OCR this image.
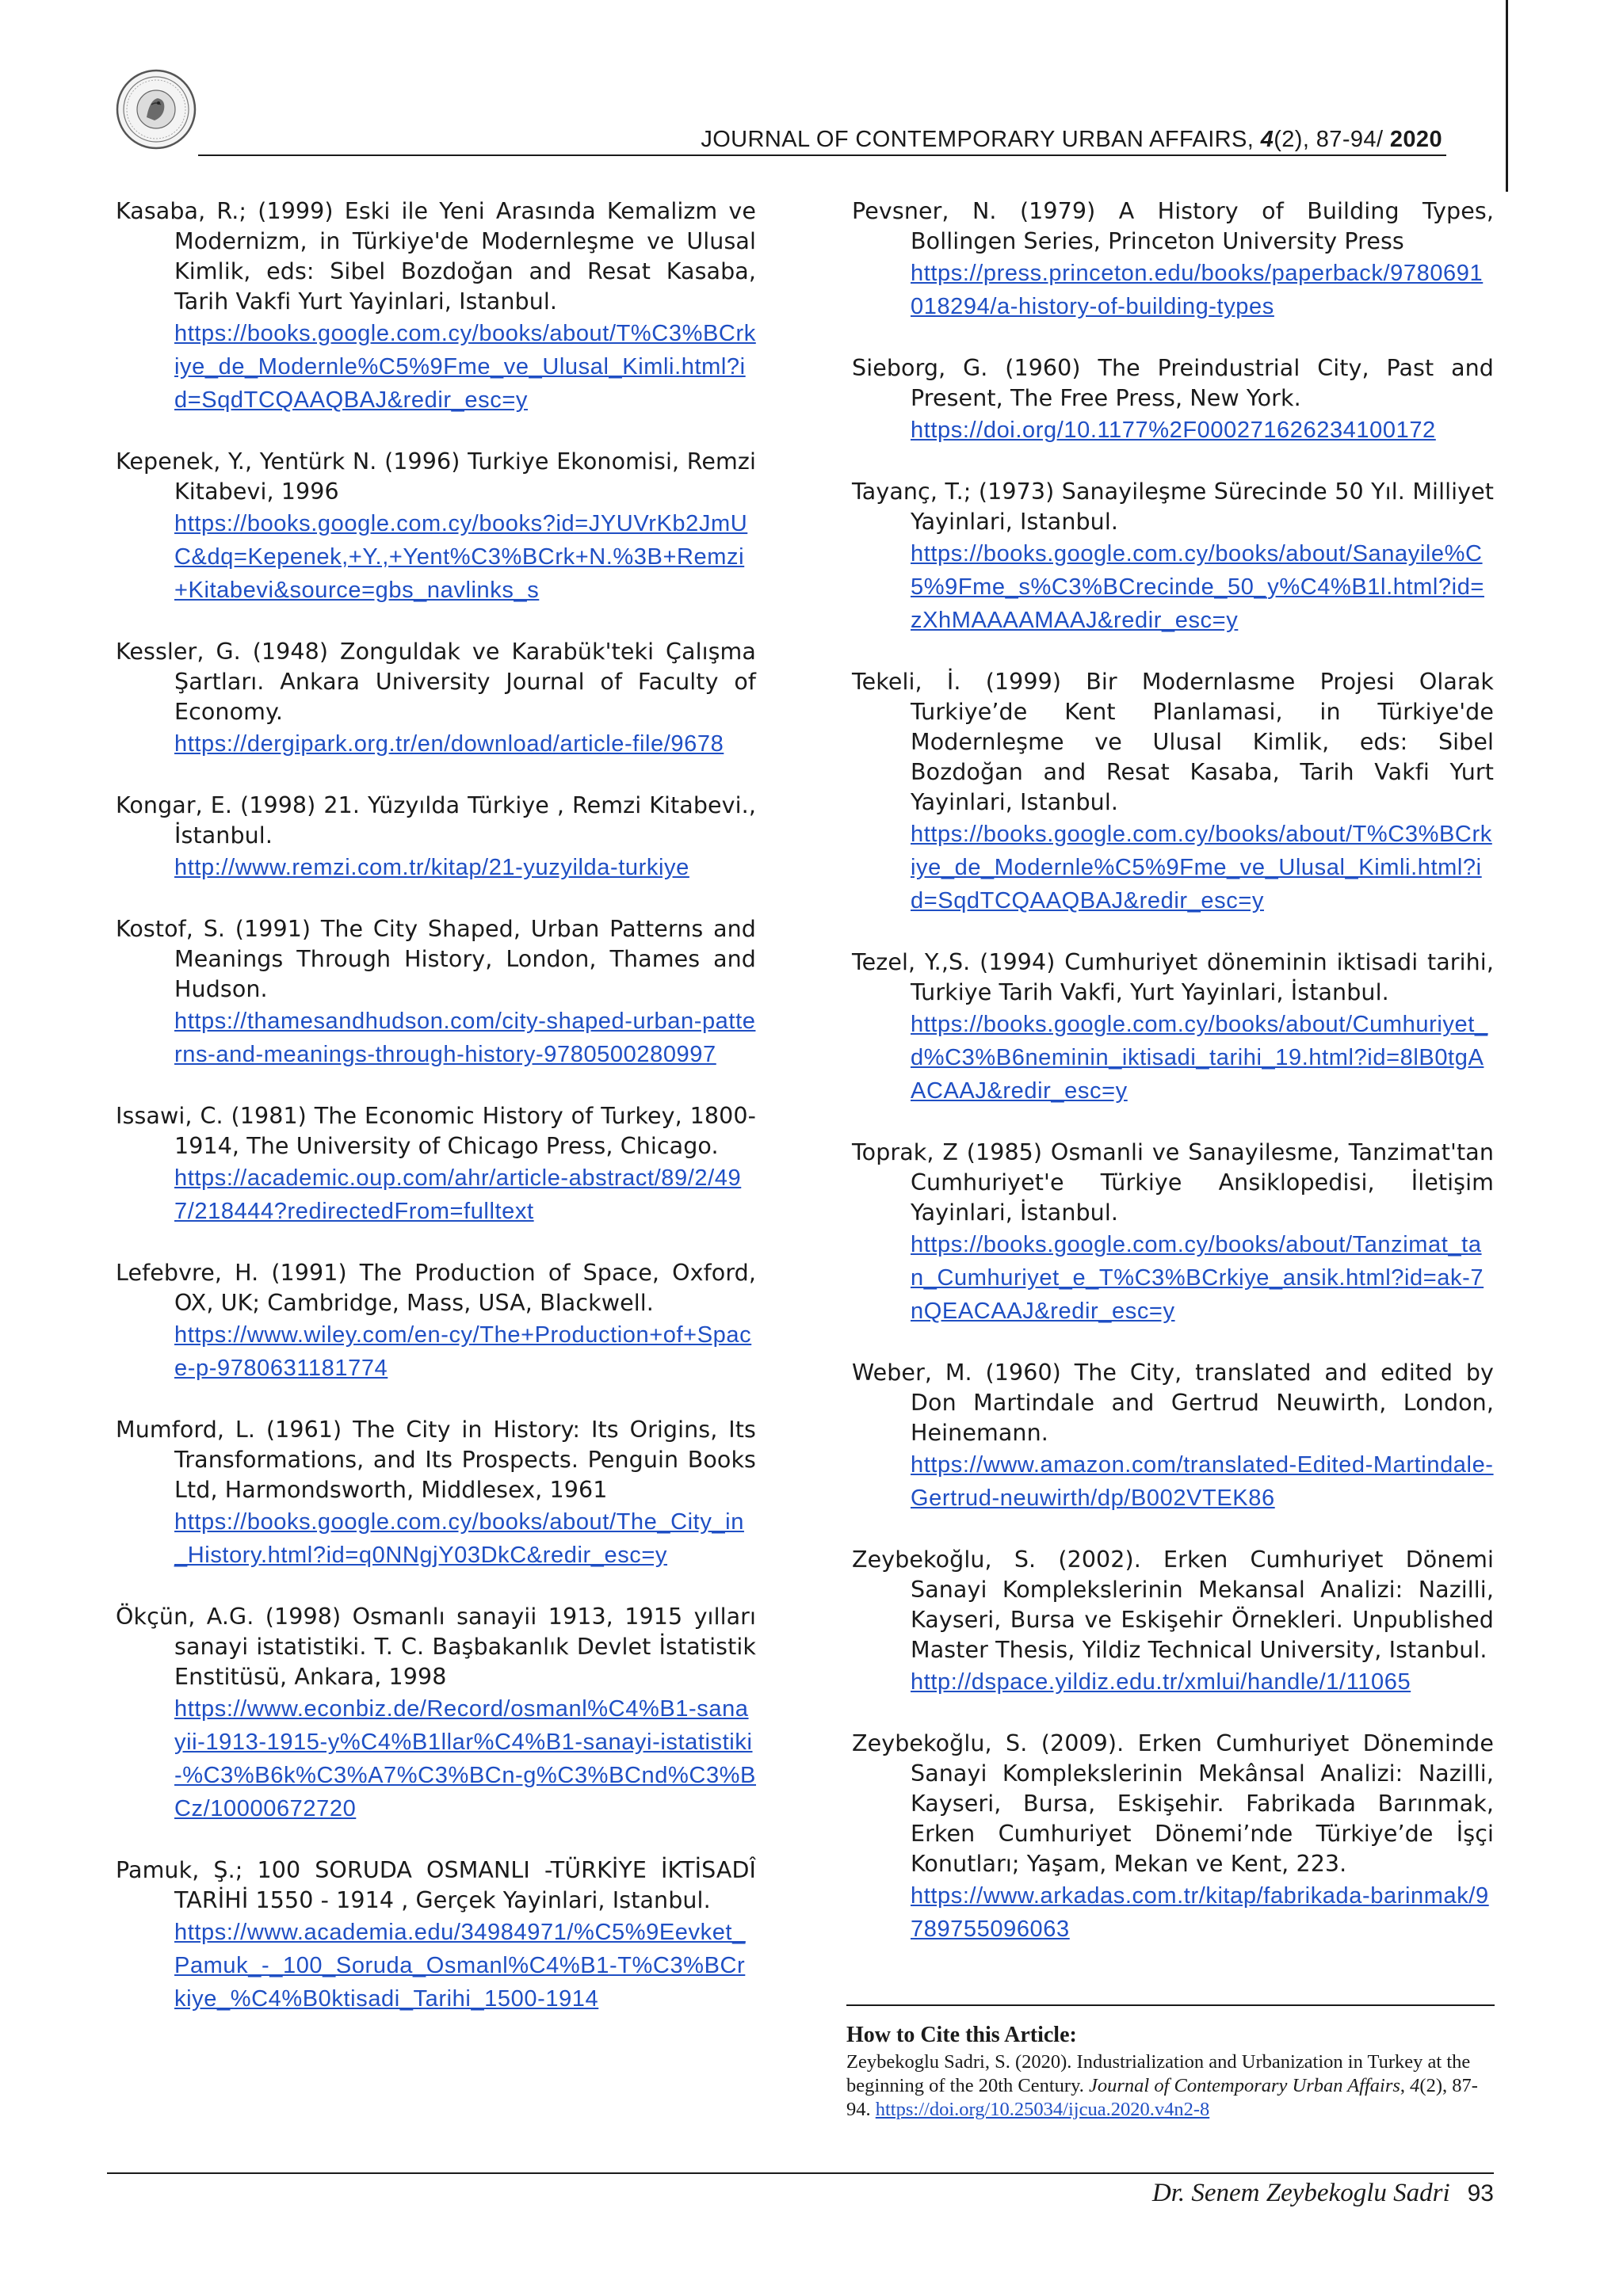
JOURNAL OF CONTEMPORARY URBAN AFFAIRS, 4(2), 87-94/ 2020

Kasaba, R.; (1999) Eski ile Yeni Arasında Kemalizm ve Modernizm, in Türkiye'de Modernleşme ve Ulusal Kimlik, eds: Sibel Bozdoğan and Resat Kasaba, Tarih Vakfi Yurt Yayinlari, Istanbul.
https://books.google.com.cy/books/about/T%C3%BCrkiye_de_Modernle%C5%9Fme_ve_Ulusal_Kimli.html?id=SqdTCQAAQBAJ&redir_esc=y

Kepenek, Y., Yentürk N. (1996) Turkiye Ekonomisi, Remzi Kitabevi, 1996
https://books.google.com.cy/books?id=JYUVrKb2JmUC&dq=Kepenek,+Y.,+Yent%C3%BCrk+N.%3B+Remzi+Kitabevi&source=gbs_navlinks_s

Kessler, G. (1948) Zonguldak ve Karabük'teki Çalışma Şartları. Ankara University Journal of Faculty of Economy.
https://dergipark.org.tr/en/download/article-file/9678

Kongar, E. (1998) 21. Yüzyılda Türkiye , Remzi Kitabevi., İstanbul.
http://www.remzi.com.tr/kitap/21-yuzyilda-turkiye

Kostof, S. (1991) The City Shaped, Urban Patterns and Meanings Through History, London, Thames and Hudson.
https://thamesandhudson.com/city-shaped-urban-patterns-and-meanings-through-history-9780500280997

Issawi, C. (1981) The Economic History of Turkey, 1800-1914, The University of Chicago Press, Chicago.
https://academic.oup.com/ahr/article-abstract/89/2/497/218444?redirectedFrom=fulltext

Lefebvre, H. (1991) The Production of Space, Oxford, OX, UK; Cambridge, Mass, USA, Blackwell.
https://www.wiley.com/en-cy/The+Production+of+Space-p-9780631181774

Mumford, L. (1961) The City in History: Its Origins, Its Transformations, and Its Prospects. Penguin Books Ltd, Harmondsworth, Middlesex, 1961
https://books.google.com.cy/books/about/The_City_in_History.html?id=q0NNgjY03DkC&redir_esc=y

Ökçün, A.G. (1998) Osmanlı sanayii 1913, 1915 yılları sanayi istatistiki. T. C. Başbakanlık Devlet İstatistik Enstitüsü, Ankara, 1998
https://www.econbiz.de/Record/osmanl%C4%B1-sanayii-1913-1915-y%C4%B1llar%C4%B1-sanayi-istatistiki-%C3%B6k%C3%A7%C3%BCn-g%C3%BCnd%C3%BCz/10000672720

Pamuk, Ş.; 100 SORUDA OSMANLI -TÜRKİYE İKTİSADÎ TARİHİ 1550 - 1914 , Gerçek Yayinlari, Istanbul.
https://www.academia.edu/34984971/%C5%9Eevket_Pamuk_-_100_Soruda_Osmanl%C4%B1-T%C3%BCrkiye_%C4%B0ktisadi_Tarihi_1500-1914

Pevsner, N. (1979) A History of Building Types, Bollingen Series, Princeton University Press
https://press.princeton.edu/books/paperback/9780691018294/a-history-of-building-types

Sieborg, G. (1960) The Preindustrial City, Past and Present, The Free Press, New York.
https://doi.org/10.1177%2F000271626234100172

Tayanç, T.; (1973) Sanayileşme Sürecinde 50 Yıl. Milliyet Yayinlari, Istanbul.
https://books.google.com.cy/books/about/Sanayile%C5%9Fme_s%C3%BCrecinde_50_y%C4%B1l.html?id=zXhMAAAAMAAJ&redir_esc=y

Tekeli, İ. (1999) Bir Modernlasme Projesi Olarak Turkiye’de Kent Planlamasi, in Türkiye'de Modernleşme ve Ulusal Kimlik, eds: Sibel Bozdoğan and Resat Kasaba, Tarih Vakfi Yurt Yayinlari, Istanbul.
https://books.google.com.cy/books/about/T%C3%BCrkiye_de_Modernle%C5%9Fme_ve_Ulusal_Kimli.html?id=SqdTCQAAQBAJ&redir_esc=y

Tezel, Y.,S. (1994) Cumhuriyet döneminin iktisadi tarihi, Turkiye Tarih Vakfi, Yurt Yayinlari, İstanbul.
https://books.google.com.cy/books/about/Cumhuriyet_d%C3%B6neminin_iktisadi_tarihi_19.html?id=8lB0tgAACAAJ&redir_esc=y

Toprak, Z (1985) Osmanli ve Sanayilesme, Tanzimat'tan Cumhuriyet'e Türkiye Ansiklopedisi, İletişim Yayinlari, İstanbul.
https://books.google.com.cy/books/about/Tanzimat_tan_Cumhuriyet_e_T%C3%BCrkiye_ansik.html?id=ak-7nQEACAAJ&redir_esc=y

Weber, M. (1960) The City, translated and edited by Don Martindale and Gertrud Neuwirth, London, Heinemann.
https://www.amazon.com/translated-Edited-Martindale-Gertrud-neuwirth/dp/B002VTEK86

Zeybekoğlu, S. (2002). Erken Cumhuriyet Dönemi Sanayi Komplekslerinin Mekansal Analizi: Nazilli, Kayseri, Bursa ve Eskişehir Örnekleri. Unpublished Master Thesis, Yildiz Technical University, Istanbul.
http://dspace.yildiz.edu.tr/xmlui/handle/1/11065

Zeybekoğlu, S. (2009). Erken Cumhuriyet Döneminde Sanayi Komplekslerinin Mekânsal Analizi: Nazilli, Kayseri, Bursa, Eskişehir. Fabrikada Barınmak, Erken Cumhuriyet Dönemi’nde Türkiye’de İşçi Konutları; Yaşam, Mekan ve Kent, 223.
https://www.arkadas.com.tr/kitap/fabrikada-barinmak/9789755096063

How to Cite this Article:
Zeybekoglu Sadri, S. (2020). Industrialization and Urbanization in Turkey at the beginning of the 20th Century. Journal of Contemporary Urban Affairs, 4(2), 87-94. https://doi.org/10.25034/ijcua.2020.v4n2-8
Dr. Senem Zeybekoglu Sadri 93
